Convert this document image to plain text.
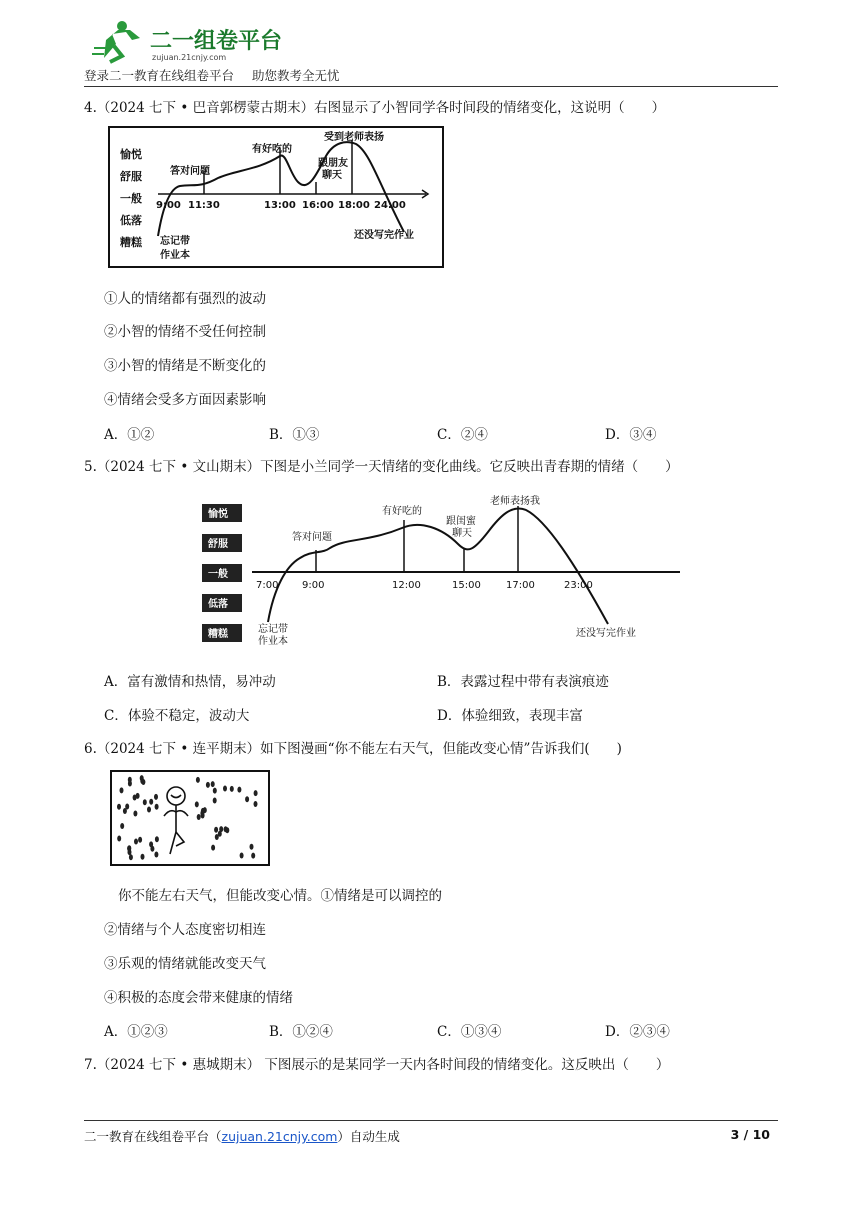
二一组卷平台
zujuan.21cnjy.com
登录二一教育在线组卷平台 助您教考全无忧
4.（2024 七下 • 巴音郭楞蒙古期末）右图显示了小智同学各时间段的情绪变化，这说明（　　）
愉悦
舒服
一般
低落
糟糕
9:00 11:30	13:00 16:00 18:00 24:00
答对问题
有好吃的
跟朋友
聊天
受到老师表扬
忘记带
作业本
还没写完作业
①人的情绪都有强烈的波动
②小智的情绪不受任何控制
③小智的情绪是不断变化的
④情绪会受多方面因素影响
A．①②	B．①③	C．②④	D．③④
5.（2024 七下 • 文山期末）下图是小兰同学一天情绪的变化曲线。它反映出青春期的情绪（　　）
愉悦
舒服
一般
低落
糟糕
7:00 9:00	12:00	15:00	17:00	23:00
答对问题
有好吃的
跟闺蜜
聊天
老师表扬我
忘记带
作业本
还没写完作业
A．富有激情和热情，易冲动	B．表露过程中带有表演痕迹
C．体验不稳定，波动大	D．体验细致，表现丰富
6.（2024 七下 • 连平期末）如下图漫画“你不能左右天气，但能改变心情”告诉我们(　　)
你不能左右天气，但能改变心情。①情绪是可以调控的
②情绪与个人态度密切相连
③乐观的情绪就能改变天气
④积极的态度会带来健康的情绪
A．①②③	B．①②④	C．①③④	D．②③④
7.（2024 七下 • 惠城期末） 下图展示的是某同学一天内各时间段的情绪变化。这反映出（　　）
二一教育在线组卷平台（zujuan.21cnjy.com）自动生成	3 / 10
